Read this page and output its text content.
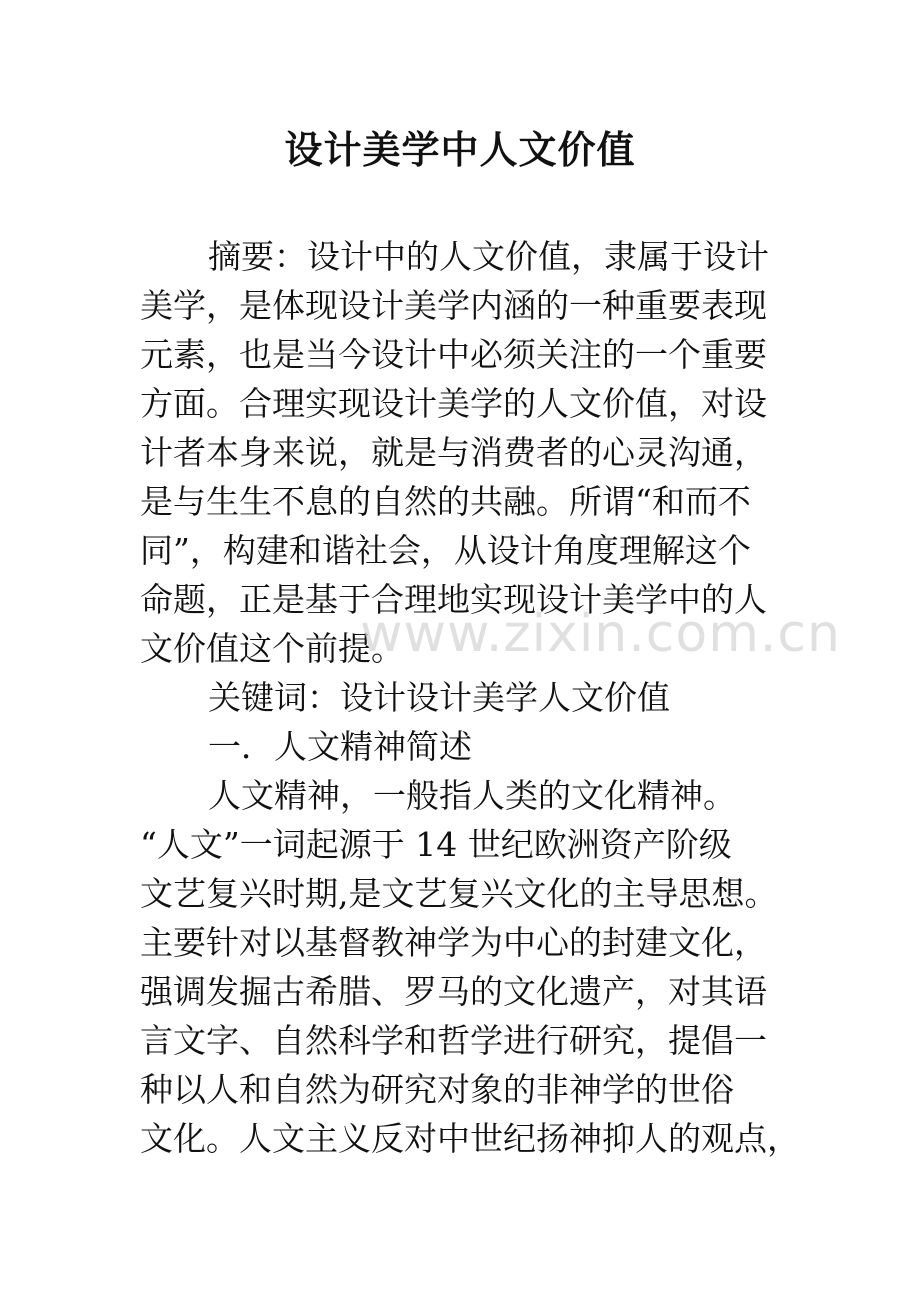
设计美学中人文价值
摘要：设计中的人文价值，隶属于设计
美学，是体现设计美学内涵的一种重要表现
元素，也是当今设计中必须关注的一个重要
方面。合理实现设计美学的人文价值，对设
计者本身来说，就是与消费者的心灵沟通，
是与生生不息的自然的共融。所谓“和而不
同”，构建和谐社会，从设计角度理解这个
命题，正是基于合理地实现设计美学中的人
文价值这个前提。
关键词：设计设计美学人文价值
一．人文精神简述
人文精神，一般指人类的文化精神。
“人文”一词起源于 14 世纪欧洲资产阶级
文艺复兴时期,是文艺复兴文化的主导思想。
主要针对以基督教神学为中心的封建文化，
强调发掘古希腊、罗马的文化遗产，对其语
言文字、自然科学和哲学进行研究，提倡一
种以人和自然为研究对象的非神学的世俗
文化。人文主义反对中世纪扬神抑人的观点，
www.zixin.com.cn
